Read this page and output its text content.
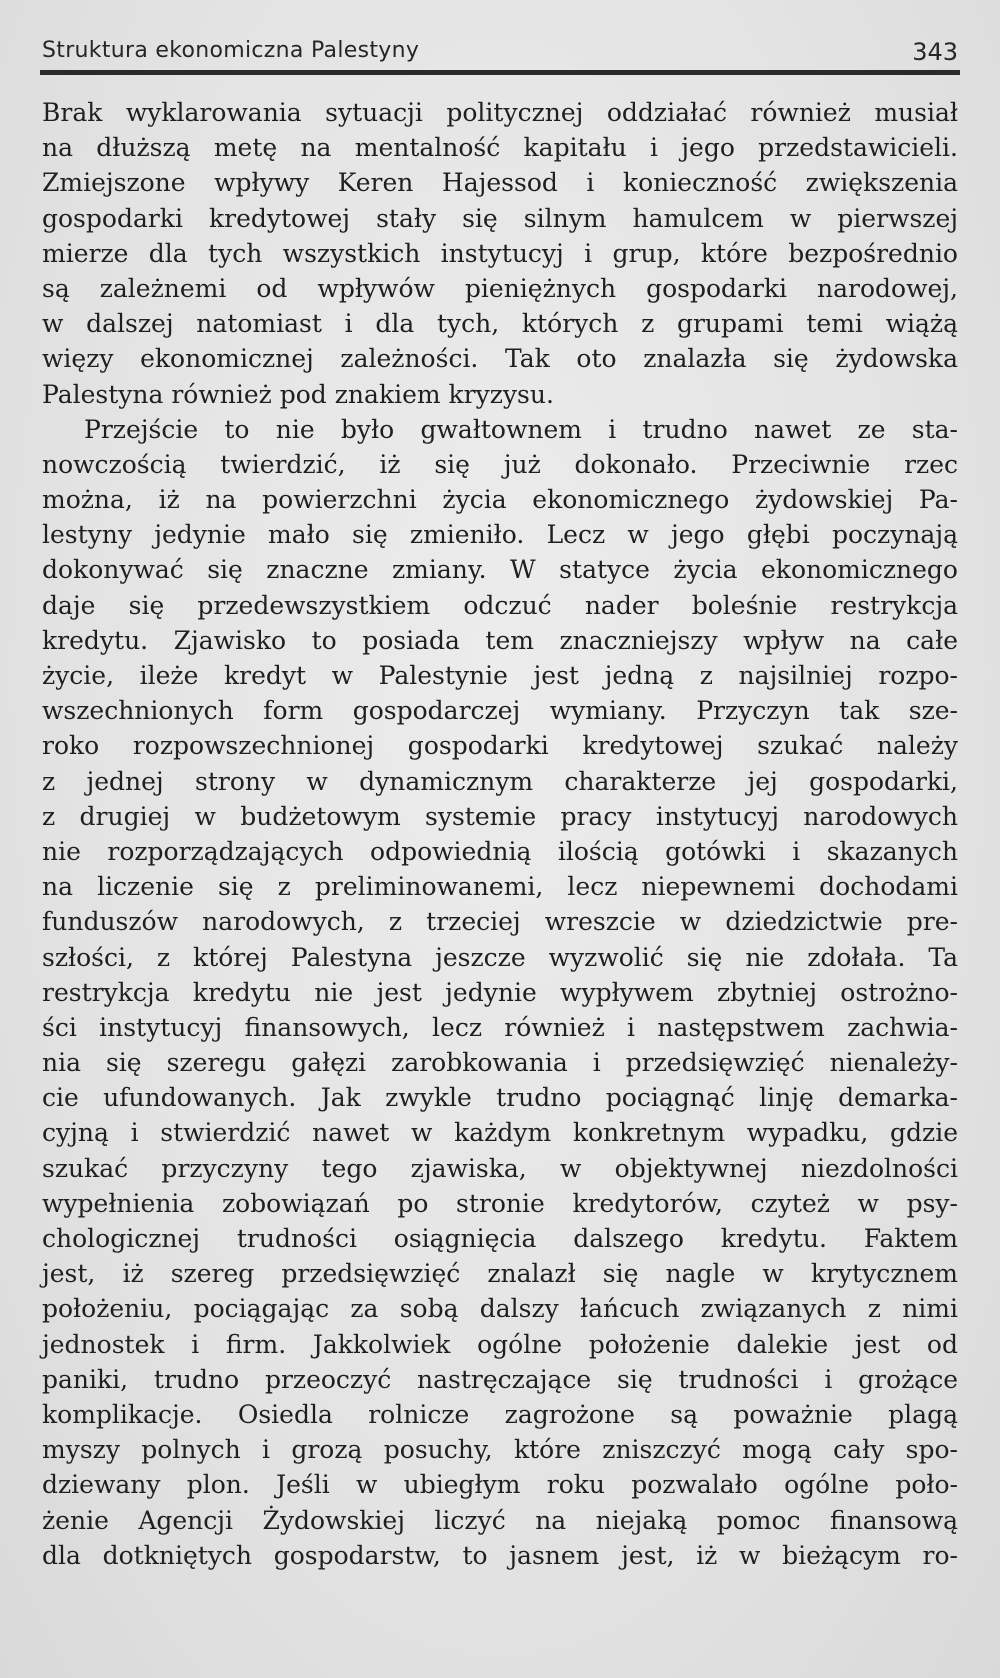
Struktura ekonomiczna Palestyny	343
Brak wyklarowania sytuacji politycznej oddziałać również musiał
na dłuższą metę na mentalność kapitału i jego przedstawicieli.
Zmiejszone wpływy Keren Hajessod i konieczność zwiększenia
gospodarki kredytowej stały się silnym hamulcem w pierwszej
mierze dla tych wszystkich instytucyj i grup, które bezpośrednio
są zależnemi od wpływów pieniężnych gospodarki narodowej,
w dalszej natomiast i dla tych, których z grupami temi wiążą
więzy ekonomicznej zależności. Tak oto znalazła się żydowska
Palestyna również pod znakiem kryzysu.
Przejście to nie było gwałtownem i trudno nawet ze sta-
nowczością twierdzić, iż się już dokonało. Przeciwnie rzec
można, iż na powierzchni życia ekonomicznego żydowskiej Pa-
lestyny jedynie mało się zmieniło. Lecz w jego głębi poczynają
dokonywać się znaczne zmiany. W statyce życia ekonomicznego
daje się przedewszystkiem odczuć nader boleśnie restrykcja
kredytu. Zjawisko to posiada tem znaczniejszy wpływ na całe
życie, ileże kredyt w Palestynie jest jedną z najsilniej rozpo-
wszechnionych form gospodarczej wymiany. Przyczyn tak sze-
roko rozpowszechnionej gospodarki kredytowej szukać należy
z jednej strony w dynamicznym charakterze jej gospodarki,
z drugiej w budżetowym systemie pracy instytucyj narodowych
nie rozporządzających odpowiednią ilością gotówki i skazanych
na liczenie się z preliminowanemi, lecz niepewnemi dochodami
funduszów narodowych, z trzeciej wreszcie w dziedzictwie pre-
szłości, z której Palestyna jeszcze wyzwolić się nie zdołała. Ta
restrykcja kredytu nie jest jedynie wypływem zbytniej ostrożno-
ści instytucyj finansowych, lecz również i następstwem zachwia-
nia się szeregu gałęzi zarobkowania i przedsięwzięć nienależy-
cie ufundowanych. Jak zwykle trudno pociągnąć linję demarka-
cyjną i stwierdzić nawet w każdym konkretnym wypadku, gdzie
szukać przyczyny tego zjawiska, w objektywnej niezdolności
wypełnienia zobowiązań po stronie kredytorów, czyteż w psy-
chologicznej trudności osiągnięcia dalszego kredytu. Faktem
jest, iż szereg przedsięwzięć znalazł się nagle w krytycznem
położeniu, pociągając za sobą dalszy łańcuch związanych z nimi
jednostek i firm. Jakkolwiek ogólne położenie dalekie jest od
paniki, trudno przeoczyć nastręczające się trudności i grożące
komplikacje. Osiedla rolnicze zagrożone są poważnie plagą
myszy polnych i grozą posuchy, które zniszczyć mogą cały spo-
dziewany plon. Jeśli w ubiegłym roku pozwalało ogólne poło-
żenie Agencji Żydowskiej liczyć na niejaką pomoc finansową
dla dotkniętych gospodarstw, to jasnem jest, iż w bieżącym ro-
